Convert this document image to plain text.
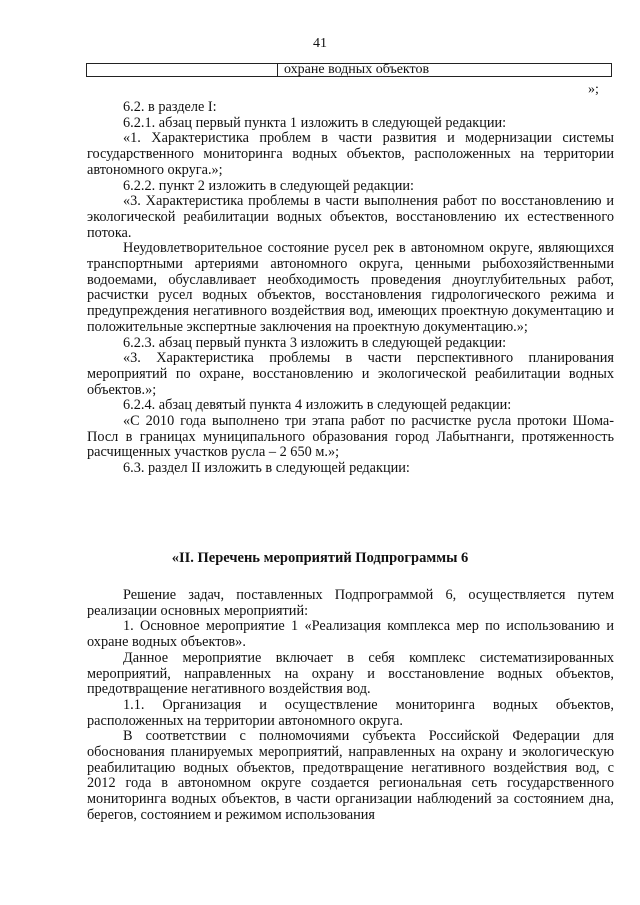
41
охране водных объектов
»;

6.2. в разделе I:

6.2.1. абзац первый пункта 1 изложить в следующей редакции:

«1. Характеристика проблем в части развития и модернизации системы государственного мониторинга водных объектов, расположенных на территории автономного округа.»;

6.2.2. пункт 2 изложить в следующей редакции:

«3. Характеристика проблемы в части выполнения работ по восстановлению и экологической реабилитации водных объектов, восстановлению их естественного потока.

Неудовлетворительное состояние русел рек в автономном округе, являющихся транспортными артериями автономного округа, ценными рыбохозяйственными водоемами, обуславливает необходимость проведения дноуглубительных работ, расчистки русел водных объектов, восстановления гидрологического режима и предупреждения негативного воздействия вод, имеющих проектную документацию и положительные экспертные заключения на проектную документацию.»;

6.2.3. абзац первый пункта 3 изложить в следующей редакции:

«3. Характеристика проблемы в части перспективного планирования мероприятий по охране, восстановлению и экологической реабилитации водных объектов.»;

6.2.4. абзац девятый пункта 4 изложить в следующей редакции:

«С 2010 года выполнено три этапа работ по расчистке русла протоки Шома-Посл в границах муниципального образования город Лабытнанги, протяженность расчищенных участков русла – 2 650 м.»;

6.3. раздел II изложить в следующей редакции:

«II. Перечень мероприятий Подпрограммы 6

Решение задач, поставленных Подпрограммой 6, осуществляется путем реализации основных мероприятий:

1. Основное мероприятие 1 «Реализация комплекса мер по использованию и охране водных объектов».

Данное мероприятие включает в себя комплекс систематизированных мероприятий, направленных на охрану и восстановление водных объектов, предотвращение негативного воздействия вод.

1.1. Организация и осуществление мониторинга водных объектов, расположенных на территории автономного округа.

В соответствии с полномочиями субъекта Российской Федерации для обоснования планируемых мероприятий, направленных на охрану и экологическую реабилитацию водных объектов, предотвращение негативного воздействия вод, с 2012 года в автономном округе создается региональная сеть государственного мониторинга водных объектов, в части организации наблюдений за состоянием дна, берегов, состоянием и режимом использования
